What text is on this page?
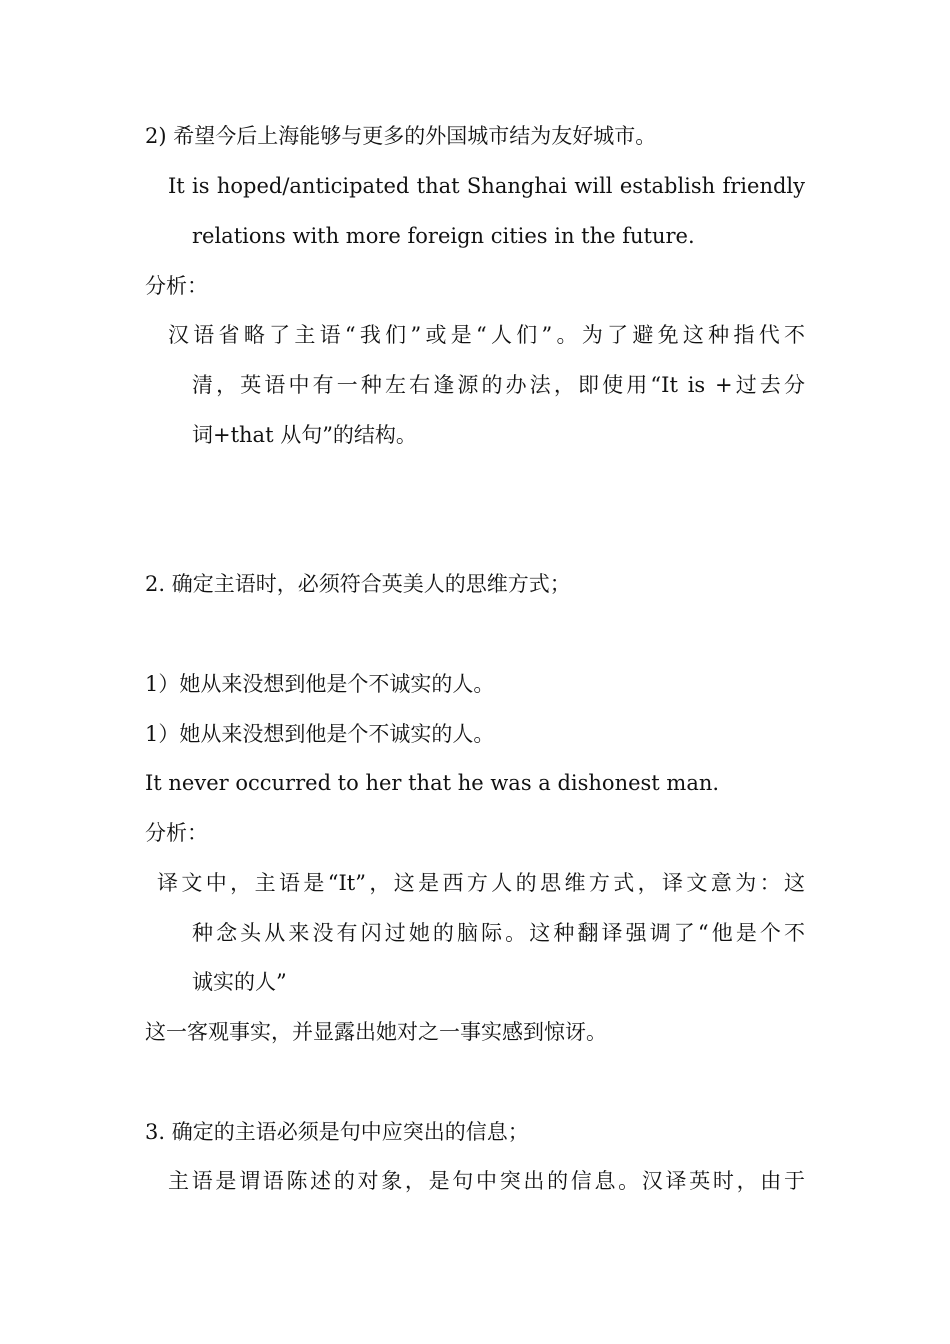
2) 希望今后上海能够与更多的外国城市结为友好城市。
It is hoped/anticipated that Shanghai will establish friendly
relations with more foreign cities in the future.
分析：
汉语省略了主语“我们”或是“人们”。为了避免这种指代不
清，英语中有一种左右逢源的办法，即使用“It is +过去分
词+that 从句”的结构。
2. 确定主语时，必须符合英美人的思维方式；
1）她从来没想到他是个不诚实的人。
1）她从来没想到他是个不诚实的人。
It never occurred to her that he was a dishonest man.
分析：
译文中，主语是“It”，这是西方人的思维方式，译文意为：这
种念头从来没有闪过她的脑际。这种翻译强调了“他是个不
诚实的人”
这一客观事实，并显露出她对之一事实感到惊讶。
3. 确定的主语必须是句中应突出的信息；
主语是谓语陈述的对象，是句中突出的信息。汉译英时，由于
